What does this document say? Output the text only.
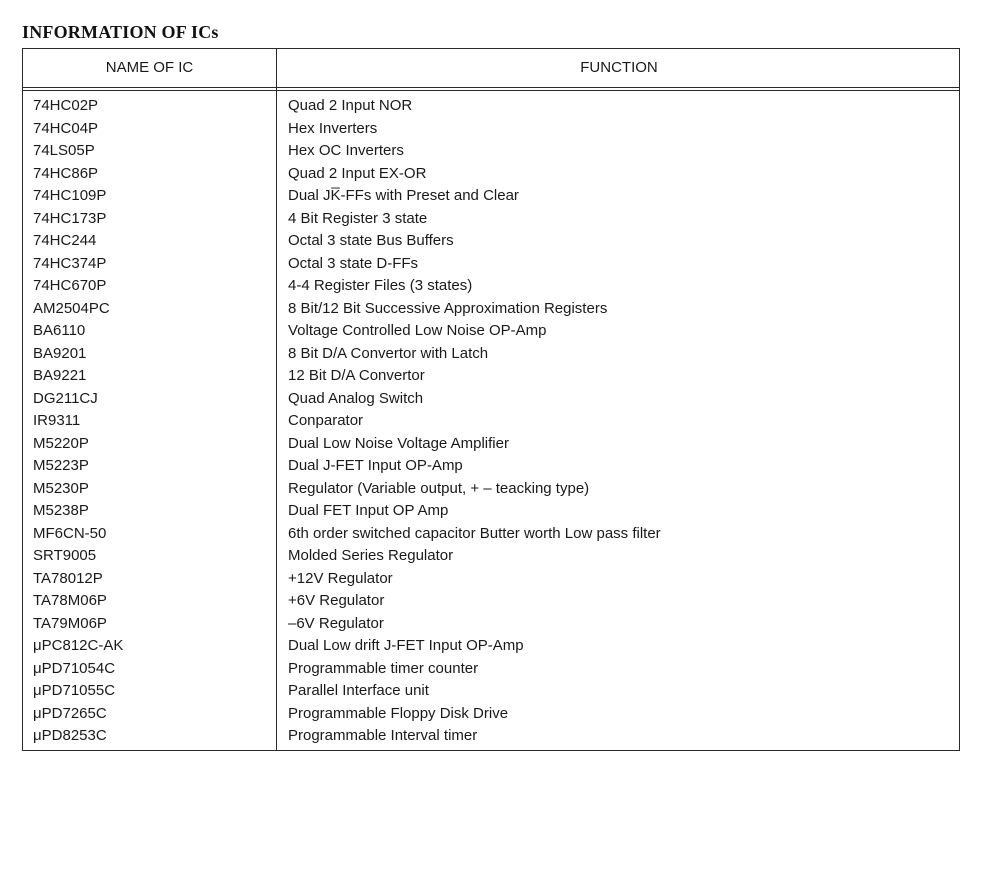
INFORMATION OF ICs
NAME OF IC	FUNCTION
74HC02P	Quad 2 Input NOR
74HC04P	Hex Inverters
74LS05P	Hex OC Inverters
74HC86P	Quad 2 Input EX-OR
74HC109P	Dual JK̅-FFs with Preset and Clear
74HC173P	4 Bit Register 3 state
74HC244	Octal 3 state Bus Buffers
74HC374P	Octal 3 state D-FFs
74HC670P	4-4 Register Files (3 states)
AM2504PC	8 Bit/12 Bit Successive Approximation Registers
BA6110	Voltage Controlled Low Noise OP-Amp
BA9201	8 Bit D/A Convertor with Latch
BA9221	12 Bit D/A Convertor
DG211CJ	Quad Analog Switch
IR9311	Conparator
M5220P	Dual Low Noise Voltage Amplifier
M5223P	Dual J-FET Input OP-Amp
M5230P	Regulator (Variable output, + – teacking type)
M5238P	Dual FET Input OP Amp
MF6CN-50	6th order switched capacitor Butter worth Low pass filter
SRT9005	Molded Series Regulator
TA78012P	+12V Regulator
TA78M06P	+6V Regulator
TA79M06P	–6V Regulator
μPC812C-AK	Dual Low drift J-FET Input OP-Amp
μPD71054C	Programmable timer counter
μPD71055C	Parallel Interface unit
μPD7265C	Programmable Floppy Disk Drive
μPD8253C	Programmable Interval timer
